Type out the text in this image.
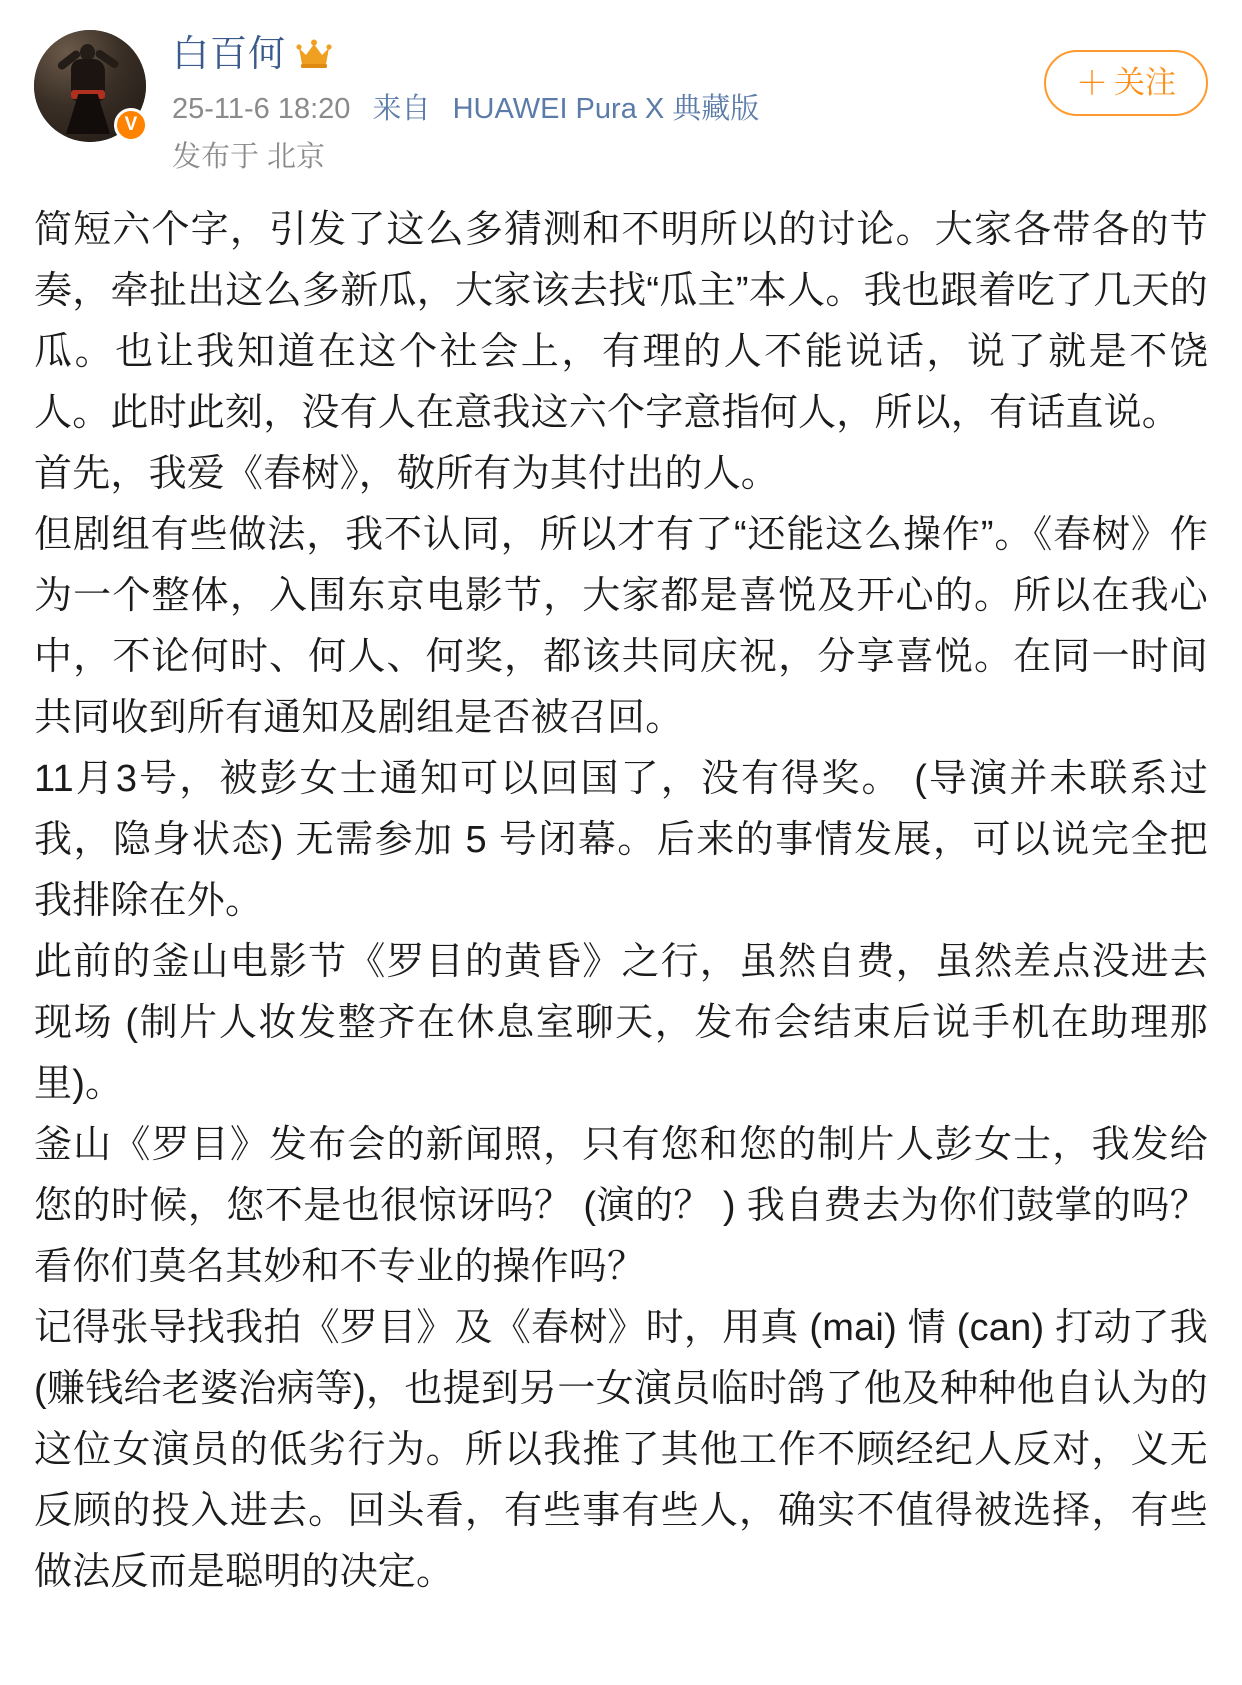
V
白百何
25-11-6 18:20 来自 HUAWEI Pura X 典藏版
发布于 北京
＋ 关注

简短六个字，引发了这么多猜测和不明所以的讨论。大家各带各的节奏，牵扯出这么多新瓜，大家该去找“瓜主”本人。我也跟着吃了几天的瓜。也让我知道在这个社会上，有理的人不能说话，说了就是不饶人。此时此刻，没有人在意我这六个字意指何人，所以，有话直说。

首先，我爱《春树》，敬所有为其付出的人。

但剧组有些做法，我不认同，所以才有了“还能这么操作”。《春树》作为一个整体，入围东京电影节，大家都是喜悦及开心的。所以在我心中，不论何时、何人、何奖，都该共同庆祝，分享喜悦。在同一时间共同收到所有通知及剧组是否被召回。

11月3号，被彭女士通知可以回国了，没有得奖。 (导演并未联系过我，隐身状态) 无需参加 5 号闭幕。后来的事情发展，可以说完全把我排除在外。

此前的釜山电影节《罗目的黄昏》之行，虽然自费，虽然差点没进去现场 (制片人妆发整齐在休息室聊天，发布会结束后说手机在助理那里)。

釜山《罗目》发布会的新闻照，只有您和您的制片人彭女士，我发给您的时候，您不是也很惊讶吗？ (演的？ ) 我自费去为你们鼓掌的吗？看你们莫名其妙和不专业的操作吗？

记得张导找我拍《罗目》及《春树》时，用真 (mai) 情 (can) 打动了我 (赚钱给老婆治病等)，也提到另一女演员临时鸽了他及种种他自认为的这位女演员的低劣行为。所以我推了其他工作不顾经纪人反对，义无反顾的投入进去。回头看，有些事有些人，确实不值得被选择，有些做法反而是聪明的决定。
